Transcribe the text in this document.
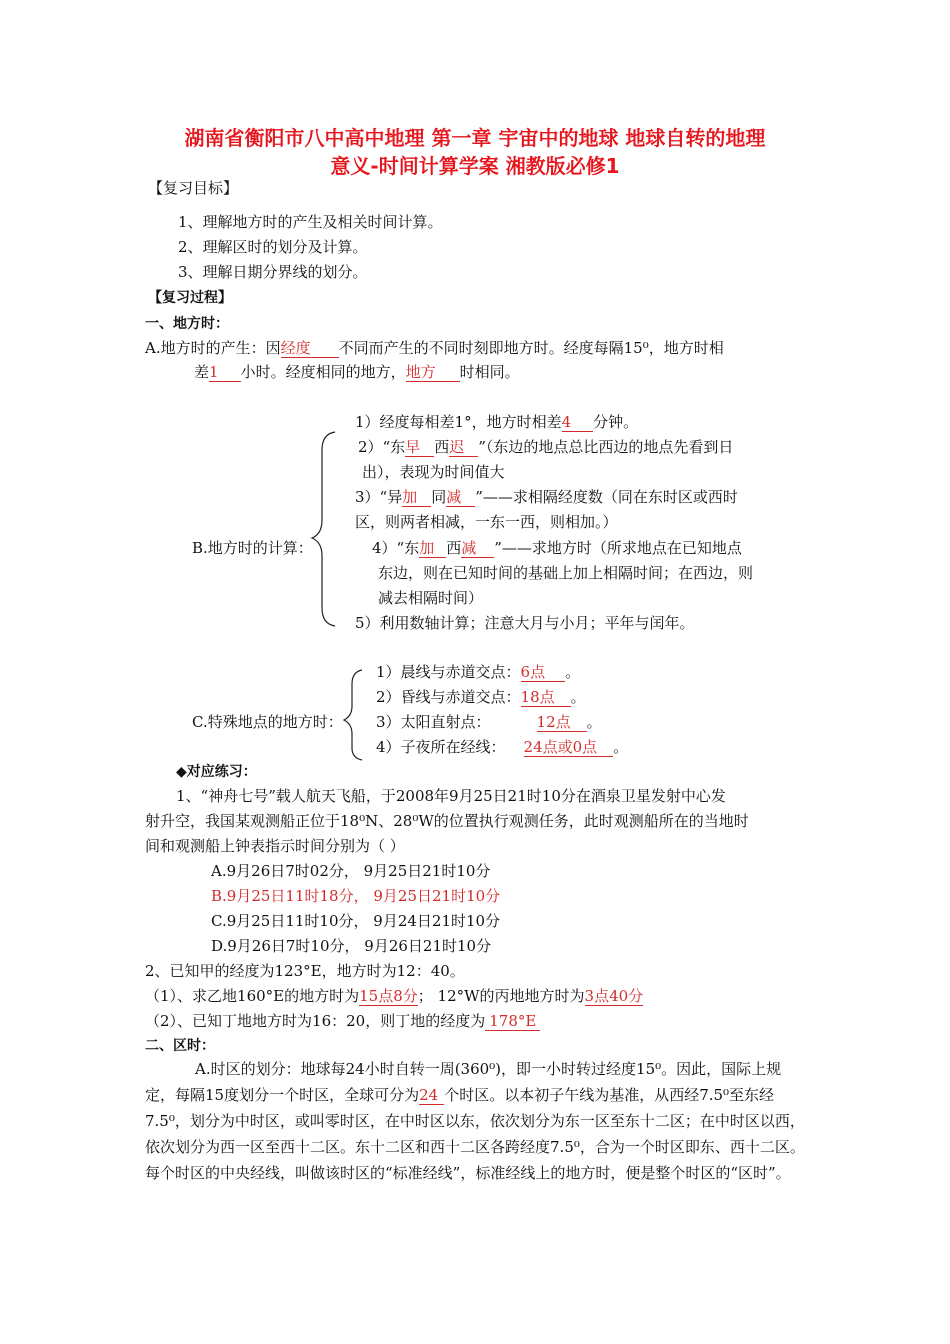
湖南省衡阳市八中高中地理 第一章 宇宙中的地球 地球自转的地理
意义-时间计算学案 湘教版必修1
【复习目标】
1、理解地方时的产生及相关时间计算。
2、理解区时的划分及计算。
3、理解日期分界线的划分。
【复习过程】
一、地方时：
A.地方时的产生：因经度 不同而产生的不同时刻即地方时。经度每隔15⁰，地方时相
差1 小时。经度相同的地方，地方 时相同。
1）经度每相差1°，地方时相差4 分钟。
2）“东早 西迟 ”（东边的地点总比西边的地点先看到日
出），表现为时间值大
3）“异加 同减 ”——求相隔经度数（同在东时区或西时
区，则两者相减，一东一西，则相加。）
B.地方时的计算：	4）“东加 西减 ”——求地方时（所求地点在已知地点
东边，则在已知时间的基础上加上相隔时间；在西边，则
减去相隔时间）
5）利用数轴计算；注意大月与小月；平年与闰年。
1）晨线与赤道交点：6点 。
2）昏线与赤道交点：18点 。
C.特殊地点的地方时： 3）太阳直射点：	12点 。
4）子夜所在经线： 24点或0点 。
◆对应练习：
1、“神舟七号”载人航天飞船，于2008年9月25日21时10分在酒泉卫星发射中心发
射升空，我国某观测船正位于18⁰N、28⁰W的位置执行观测任务，此时观测船所在的当地时
间和观测船上钟表指示时间分别为（ ）
A.9月26日7时02分， 9月25日21时10分
B.9月25日11时18分， 9月25日21时10分
C.9月25日11时10分， 9月24日21时10分
D.9月26日7时10分， 9月26日21时10分
2、已知甲的经度为123°E，地方时为12：40。
（1）、求乙地160°E的地方时为15点8分； 12°W的丙地地方时为3点40分
（2）、已知丁地地方时为16：20，则丁地的经度为 178°E
二、区时：
A.时区的划分：地球每24小时自转一周(360⁰)，即一小时转过经度15⁰。因此，国际上规定，每隔15度划分一个时区，全球可分为24 个时区。以本初子午线为基准，从西经7.5⁰至东经7.5⁰，划分为中时区，或叫零时区，在中时区以东，依次划分为东一区至东十二区；在中时区以西，依次划分为西一区至西十二区。东十二区和西十二区各跨经度7.5⁰，合为一个时区即东、西十二区。每个时区的中央经线，叫做该时区的“标准经线”，标准经线上的地方时，便是整个时区的“区时”。
